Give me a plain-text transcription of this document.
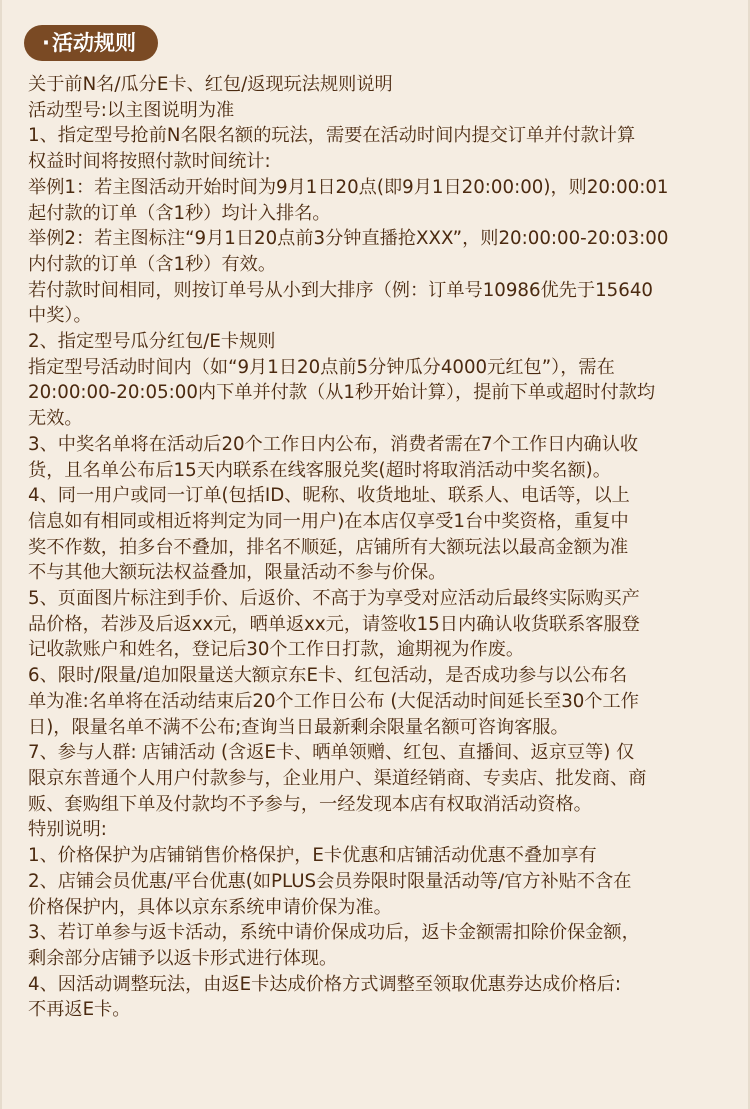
·活动规则

关于前N名/瓜分E卡、红包/返现玩法规则说明

活动型号:以主图说明为准

1、指定型号抢前N名限名额的玩法，需要在活动时间内提交订单并付款计算

权益时间将按照付款时间统计:

举例1：若主图活动开始时间为9月1日20点(即9月1日20:00:00)，则20:00:01

起付款的订单（含1秒）均计入排名。

举例2：若主图标注“9月1日20点前3分钟直播抢XXX”，则20:00:00-20:03:00

内付款的订单（含1秒）有效。

若付款时间相同，则按订单号从小到大排序（例：订单号10986优先于15640

中奖）。

2、指定型号瓜分红包/E卡规则

指定型号活动时间内（如“9月1日20点前5分钟瓜分4000元红包”），需在

20:00:00-20:05:00内下单并付款（从1秒开始计算），提前下单或超时付款均

无效。

3、中奖名单将在活动后20个工作日内公布，消费者需在7个工作日内确认收

货，且名单公布后15天内联系在线客服兑奖(超时将取消活动中奖名额)。

4、同一用户或同一订单(包括ID、昵称、收货地址、联系人、电话等，以上

信息如有相同或相近将判定为同一用户)在本店仅享受1台中奖资格，重复中

奖不作数，拍多台不叠加，排名不顺延，店铺所有大额玩法以最高金额为准

不与其他大额玩法权益叠加，限量活动不参与价保。

5、页面图片标注到手价、后返价、不高于为享受对应活动后最终实际购买产

品价格，若涉及后返xx元，晒单返xx元，请签收15日内确认收货联系客服登

记收款账户和姓名，登记后30个工作日打款，逾期视为作废。

6、限时/限量/追加限量送大额京东E卡、红包活动，是否成功参与以公布名

单为准:名单将在活动结束后20个工作日公布 (大促活动时间延长至30个工作

日)，限量名单不满不公布;查询当日最新剩余限量名额可咨询客服。

7、参与人群: 店铺活动 (含返E卡、晒单领赠、红包、直播间、返京豆等) 仅

限京东普通个人用户付款参与，企业用户、渠道经销商、专卖店、批发商、商

贩、套购组下单及付款均不予参与，一经发现本店有权取消活动资格。

特别说明:

1、价格保护为店铺销售价格保护，E卡优惠和店铺活动优惠不叠加享有

2、店铺会员优惠/平台优惠(如PLUS会员券限时限量活动等/官方补贴不含在

价格保护内，具体以京东系统申请价保为准。

3、若订单参与返卡活动，系统中请价保成功后，返卡金额需扣除价保金额，

剩余部分店铺予以返卡形式进行体现。

4、因活动调整玩法，由返E卡达成价格方式调整至领取优惠券达成价格后:

不再返E卡。
